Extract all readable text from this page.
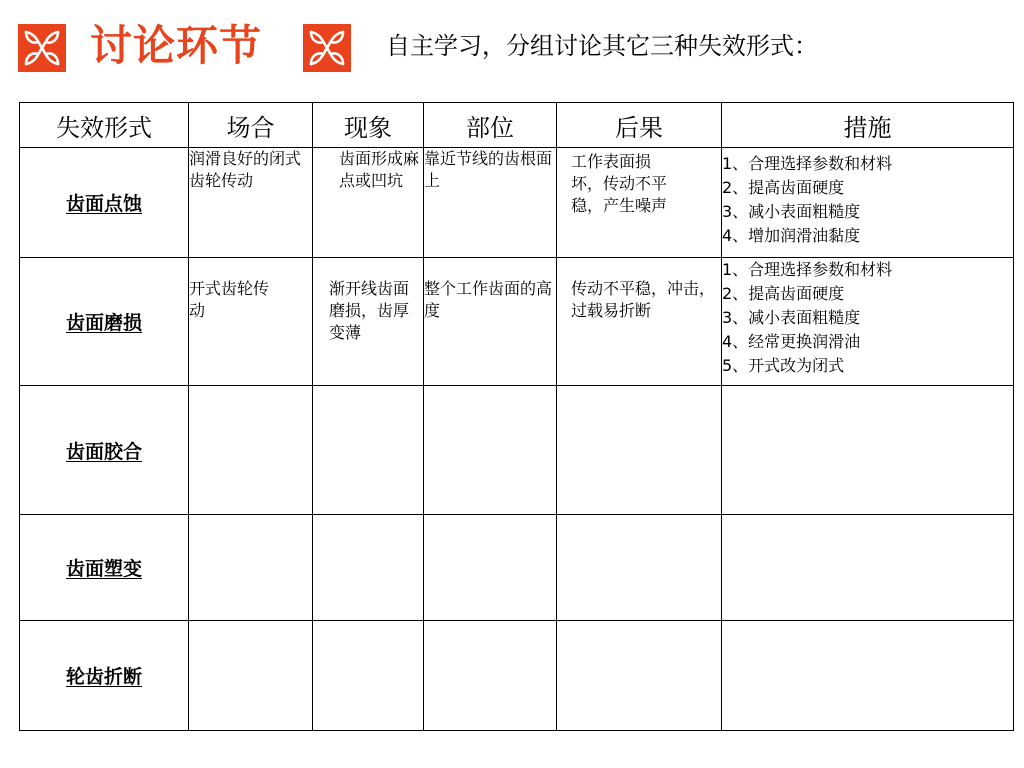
讨论环节	自主学习，分组讨论其它三种失效形式：
失效形式	场合	现象	部位	后果	措施
齿面点蚀	润滑良好的闭式齿轮传动	齿面形成麻点或凹坑	靠近节线的齿根面上	工作表面损坏，传动不平稳，产生噪声	1、合理选择参数和材料
2、提高齿面硬度
3、减小表面粗糙度
4、增加润滑油黏度

齿面磨损	开式齿轮传动	渐开线齿面磨损，齿厚变薄	整个工作齿面的高度	传动不平稳，冲击，过载易折断	1、合理选择参数和材料
2、提高齿面硬度
3、减小表面粗糙度
4、经常更换润滑油
5、开式改为闭式

齿面胶合					
齿面塑变					
轮齿折断					
